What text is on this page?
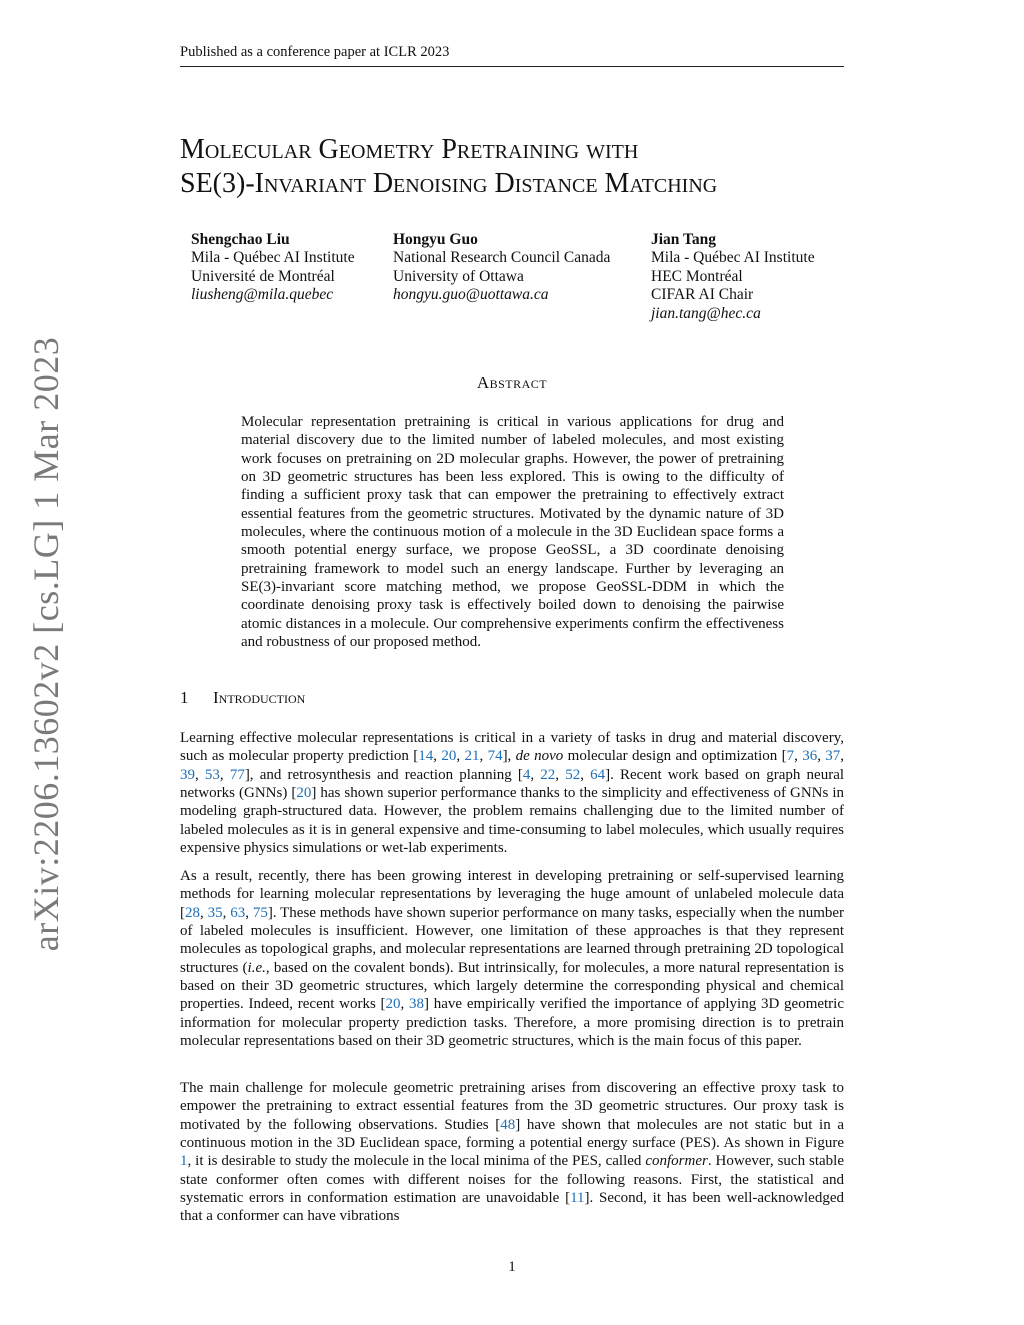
Published as a conference paper at ICLR 2023
Molecular Geometry Pretraining with
SE(3)-Invariant Denoising Distance Matching
Shengchao Liu
Mila - Québec AI Institute
Université de Montréal
liusheng@mila.quebec
Hongyu Guo
National Research Council Canada
University of Ottawa
hongyu.guo@uottawa.ca
Jian Tang
Mila - Québec AI Institute
HEC Montréal
CIFAR AI Chair
jian.tang@hec.ca
Abstract
Molecular representation pretraining is critical in various applications for drug and material discovery due to the limited number of labeled molecules, and most existing work focuses on pretraining on 2D molecular graphs. However, the power of pretraining on 3D geometric structures has been less explored. This is owing to the difficulty of finding a sufficient proxy task that can empower the pretraining to effectively extract essential features from the geometric structures. Motivated by the dynamic nature of 3D molecules, where the continuous motion of a molecule in the 3D Euclidean space forms a smooth potential energy surface, we propose GeoSSL, a 3D coordinate denoising pretraining framework to model such an energy landscape. Further by leveraging an SE(3)-invariant score matching method, we propose GeoSSL-DDM in which the coordinate denoising proxy task is effectively boiled down to denoising the pairwise atomic distances in a molecule. Our comprehensive experiments confirm the effectiveness and robustness of our proposed method.
1 Introduction

Learning effective molecular representations is critical in a variety of tasks in drug and material discovery, such as molecular property prediction [14, 20, 21, 74], de novo molecular design and optimization [7, 36, 37, 39, 53, 77], and retrosynthesis and reaction planning [4, 22, 52, 64]. Recent work based on graph neural networks (GNNs) [20] has shown superior performance thanks to the simplicity and effectiveness of GNNs in modeling graph-structured data. However, the problem remains challenging due to the limited number of labeled molecules as it is in general expensive and time-consuming to label molecules, which usually requires expensive physics simulations or wet-lab experiments.

As a result, recently, there has been growing interest in developing pretraining or self-supervised learning methods for learning molecular representations by leveraging the huge amount of unlabeled molecule data [28, 35, 63, 75]. These methods have shown superior performance on many tasks, especially when the number of labeled molecules is insufficient. However, one limitation of these approaches is that they represent molecules as topological graphs, and molecular representations are learned through pretraining 2D topological structures (i.e., based on the covalent bonds). But intrinsically, for molecules, a more natural representation is based on their 3D geometric structures, which largely determine the corresponding physical and chemical properties. Indeed, recent works [20, 38] have empirically verified the importance of applying 3D geometric information for molecular property prediction tasks. Therefore, a more promising direction is to pretrain molecular representations based on their 3D geometric structures, which is the main focus of this paper.

The main challenge for molecule geometric pretraining arises from discovering an effective proxy task to empower the pretraining to extract essential features from the 3D geometric structures. Our proxy task is motivated by the following observations. Studies [48] have shown that molecules are not static but in a continuous motion in the 3D Euclidean space, forming a potential energy surface (PES). As shown in Figure 1, it is desirable to study the molecule in the local minima of the PES, called conformer. However, such stable state conformer often comes with different noises for the following reasons. First, the statistical and systematic errors in conformation estimation are unavoidable [11]. Second, it has been well-acknowledged that a conformer can have vibrations

1
arXiv:2206.13602v2 [cs.LG] 1 Mar 2023
